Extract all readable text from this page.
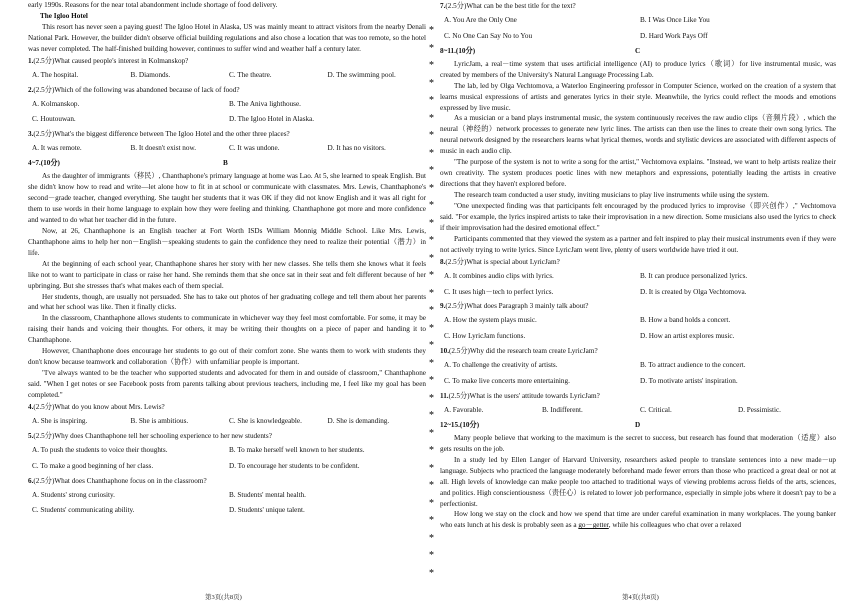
early 1990s. Reasons for the near total abandonment include shortage of food delivery.

The Igloo Hotel

This resort has never seen a paying guest! The Igloo Hotel in Alaska, US was mainly meant to attract visitors from the nearby Denali National Park. However, the builder didn't observe official building regulations and also chose a location that was too remote, so the hotel was never completed. The half-finished building however, continues to suffer wind and weather half a century later.

1.(2.5分)What caused people's interest in Kolmanskop?

A. The hospital.	B. Diamonds.	C. The theatre.	D. The swimming pool.

2.(2.5分)Which of the following was abandoned because of lack of food?

A. Kolmanskop.	B. The Aniva lighthouse.
C. Houtouwan.	D. The Igloo Hotel in Alaska.

3.(2.5分)What's the biggest difference between The Igloo Hotel and the other three places?

A. It was remote.	B. It doesn't exist now.	C. It was undone.	D. It has no visitors.
4~7.(10分)	B

As the daughter of immigrants（移民）, Chanthaphone's primary language at home was Lao. At 5, she learned to speak English. But she didn't know how to read and write—let alone how to fit in at school or communicate with classmates. Mrs. Lewis, Chanthaphone's second－grade teacher, changed everything. She taught her students that it was OK if they did not know English and it was all right for them to use words in their home language to explain how they were feeling and thinking. Chanthaphone got more and more confidence and wanted to do what her teacher did in the future.

Now, at 26, Chanthaphone is an English teacher at Fort Worth ISDs William Monnig Middle School. Like Mrs. Lewis, Chanthaphone aims to help her non－English－speaking students to gain the confidence they need to realize their potential（潜力）in life.

At the beginning of each school year, Chanthaphone shares her story with her new classes. She tells them she knows what it feels like not to want to participate in class or raise her hand. She reminds them that she once sat in their seat and felt different because of her upbringing. But she stresses that's what makes each of them special.

Her students, though, are usually not persuaded. She has to take out photos of her graduating college and tell them about her parents and what her school was like. Then it finally clicks.

In the classroom, Chanthaphone allows students to communicate in whichever way they feel most comfortable. For some, it may be raising their hands and voicing their thoughts. For others, it may be writing their thoughts on a piece of paper and handing it to Chanthaphone.

However, Chanthaphone does encourage her students to go out of their comfort zone. She wants them to work with students they don't know because teamwork and collaboration（协作）with unfamiliar people is important.

"I've always wanted to be the teacher who supported students and advocated for them in and outside of classroom," Chanthaphone said. "When I get notes or see Facebook posts from parents talking about previous teachers, including me, I feel like my goal has been completed."

4.(2.5分)What do you know about Mrs. Lewis?

A. She is inspiring.	B. She is ambitious.	C. She is knowledgeable.	D. She is demanding.

5.(2.5分)Why does Chanthaphone tell her schooling experience to her new students?

A. To push the students to voice their thoughts.	B. To make herself well known to her students.
C. To make a good beginning of her class.	D. To encourage her students to be confident.

6.(2.5分)What does Chanthaphone focus on in the classroom?

A. Students' strong curiosity.	B. Students' mental health.
C. Students' communicating ability.	D. Students' unique talent.
*
*
*
*
*
*
*
*
*
*
*
*
*
*
*
*
*
*
*
*
*
*
*
*
*
*
*
*
*
*
*
*

7.(2.5分)What can be the best title for the text?

A. You Are the Only One	B. I Was Once Like You
C. No One Can Say No to You	D. Hard Work Pays Off
8~11.(10分)	C

LyricJam, a real－time system that uses artificial intelligence (AI) to produce lyrics（歌词）for live instrumental music, was created by members of the University's Natural Language Processing Lab.

The lab, led by Olga Vechtomova, a Waterloo Engineering professor in Computer Science, worked on the creation of a system that learns musical expressions of artists and generates lyrics in their style. Meanwhile, the lyrics could reflect the moods and emotions expressed by live music.

As a musician or a band plays instrumental music, the system continuously receives the raw audio clips（音频片段）, which the neural（神经的）network processes to generate new lyric lines. The artists can then use the lines to create their own song lyrics. The neural network designed by the researchers learns what lyrical themes, words and stylistic devices are associated with different aspects of music in each audio clip.

"The purpose of the system is not to write a song for the artist," Vechtomova explains. "Instead, we want to help artists realize their own creativity. The system produces poetic lines with new metaphors and expressions, potentially leading the artists in creative directions that they haven't explored before.

The research team conducted a user study, inviting musicians to play live instruments while using the system.

"One unexpected finding was that participants felt encouraged by the produced lyrics to improvise（即兴创作）," Vechtomova said. "For example, the lyrics inspired artists to take their improvisation in a new direction. Some musicians also used the lyrics to check if their improvisation had the desired emotional effect."

Participants commented that they viewed the system as a partner and felt inspired to play their musical instruments even if they were not actively trying to write lyrics. Since LyricJam went live, plenty of users worldwide have tried it out.

8.(2.5分)What is special about LyricJam?

A. It combines audio clips with lyrics.	B. It can produce personalized lyrics.
C. It uses high－tech to perfect lyrics.	D. It is created by Olga Vechtomova.

9.(2.5分)What does Paragraph 3 mainly talk about?

A. How the system plays music.	B. How a band holds a concert.
C. How LyricJam functions.	D. How an artist explores music.

10.(2.5分)Why did the research team create LyricJam?

A. To challenge the creativity of artists.	B. To attract audience to the concert.
C. To make live concerts more entertaining.	D. To motivate artists' inspiration.

11.(2.5分)What is the users' attitude towards LyricJam?

A. Favorable.	B. Indifferent.	C. Critical.	D. Pessimistic.
12~15.(10分)	D

Many people believe that working to the maximum is the secret to success, but research has found that moderation（适度）also gets results on the job.

In a study led by Ellen Langer of Harvard University, researchers asked people to translate sentences into a new made－up language. Subjects who practiced the language moderately beforehand made fewer errors than those who practiced a great deal or not at all. High levels of knowledge can make people too attached to traditional ways of viewing problems across fields of the arts, sciences, and politics. High conscientiousness（责任心）is related to lower job performance, especially in simple jobs where it doesn't pay to be a perfectionist.

How long we stay on the clock and how we spend that time are under careful examination in many workplaces. The young banker who eats lunch at his desk is probably seen as a go－getter, while his colleagues who chat over a relaxed

第3页(共8页)	第4页(共8页)
